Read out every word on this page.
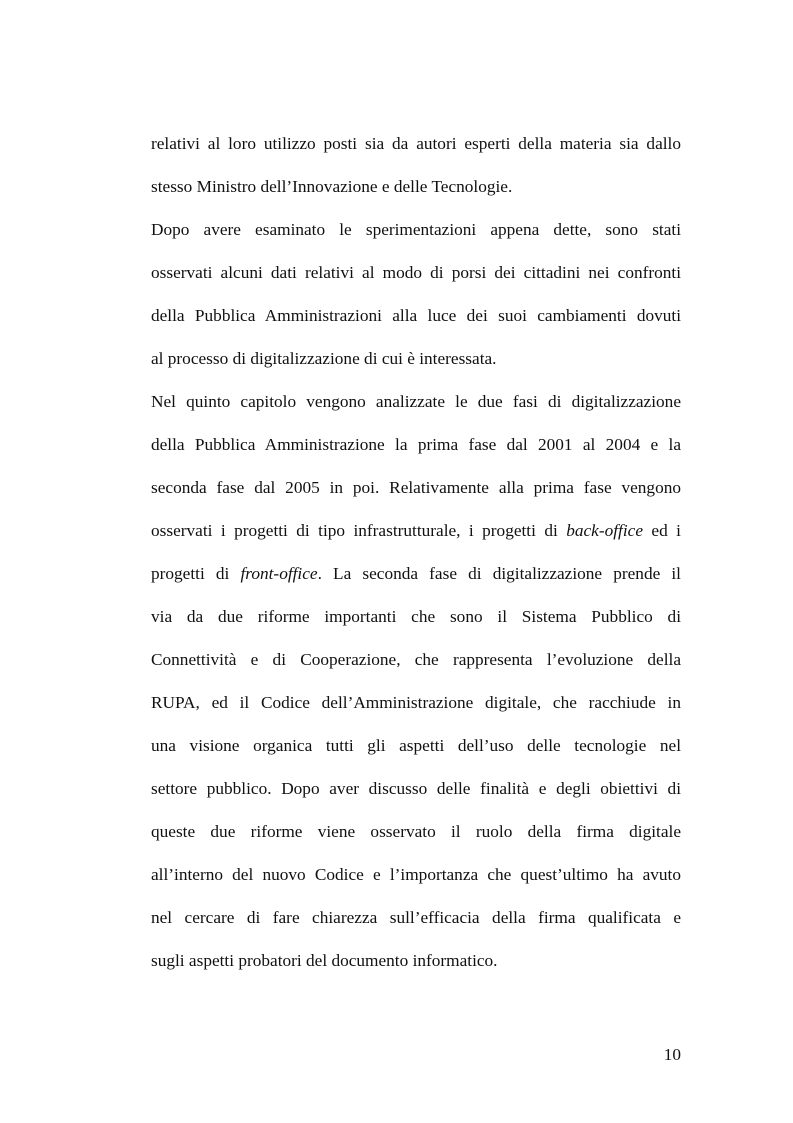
relativi al loro utilizzo posti sia da autori esperti della materia sia dallo
stesso Ministro dell’Innovazione e delle Tecnologie.
Dopo avere esaminato le sperimentazioni appena dette, sono stati
osservati alcuni dati relativi al modo di porsi dei cittadini nei confronti
della Pubblica Amministrazioni alla luce dei suoi cambiamenti dovuti
al processo di digitalizzazione di cui è interessata.
Nel quinto capitolo vengono analizzate le due fasi di digitalizzazione
della Pubblica Amministrazione la prima fase dal 2001 al 2004 e la
seconda fase dal 2005 in poi. Relativamente alla prima fase vengono
osservati i progetti di tipo infrastrutturale, i progetti di back-office ed i
progetti di front-office. La seconda fase di digitalizzazione prende il
via da due riforme importanti che sono il Sistema Pubblico di
Connettività e di Cooperazione, che rappresenta l’evoluzione della
RUPA, ed il Codice dell’Amministrazione digitale, che racchiude in
una visione organica tutti gli aspetti dell’uso delle tecnologie nel
settore pubblico. Dopo aver discusso delle finalità e degli obiettivi di
queste due riforme viene osservato il ruolo della firma digitale
all’interno del nuovo Codice e l’importanza che quest’ultimo ha avuto
nel cercare di fare chiarezza sull’efficacia della firma qualificata e
sugli aspetti probatori del documento informatico.
10
